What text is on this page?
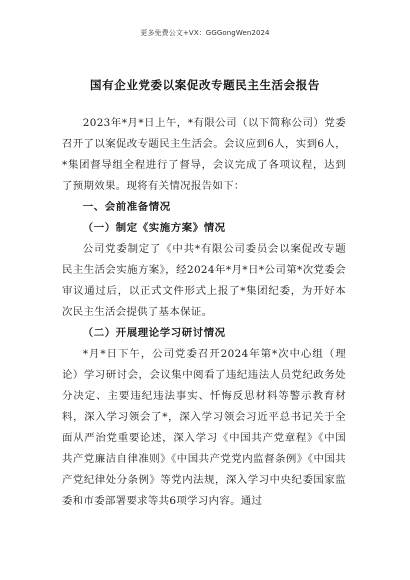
更多免费公文+VX：GGGongWen2024
国有企业党委以案促改专题民主生活会报告

2023年*月*日上午，*有限公司（以下简称公司）党委召开了以案促改专题民主生活会。会议应到6人，实到6人，*集团督导组全程进行了督导，会议完成了各项议程，达到了预期效果。现将有关情况报告如下：

一、会前准备情况

（一）制定《实施方案》情况

公司党委制定了《中共*有限公司委员会以案促改专题民主生活会实施方案》，经2024年*月*日*公司第*次党委会审议通过后，以正式文件形式上报了*集团纪委，为开好本次民主生活会提供了基本保证。

（二）开展理论学习研讨情况

*月*日下午，公司党委召开2024年第*次中心组（理论）学习研讨会，会议集中阅看了违纪违法人员党纪政务处分决定、主要违纪违法事实、忏悔反思材料等警示教育材料，深入学习领会了*，深入学习领会习近平总书记关于全面从严治党重要论述，深入学习《中国共产党章程》《中国共产党廉洁自律准则》《中国共产党党内监督条例》《中国共产党纪律处分条例》等党内法规，深入学习中央纪委国家监委和市委部署要求等共6项学习内容。通过
